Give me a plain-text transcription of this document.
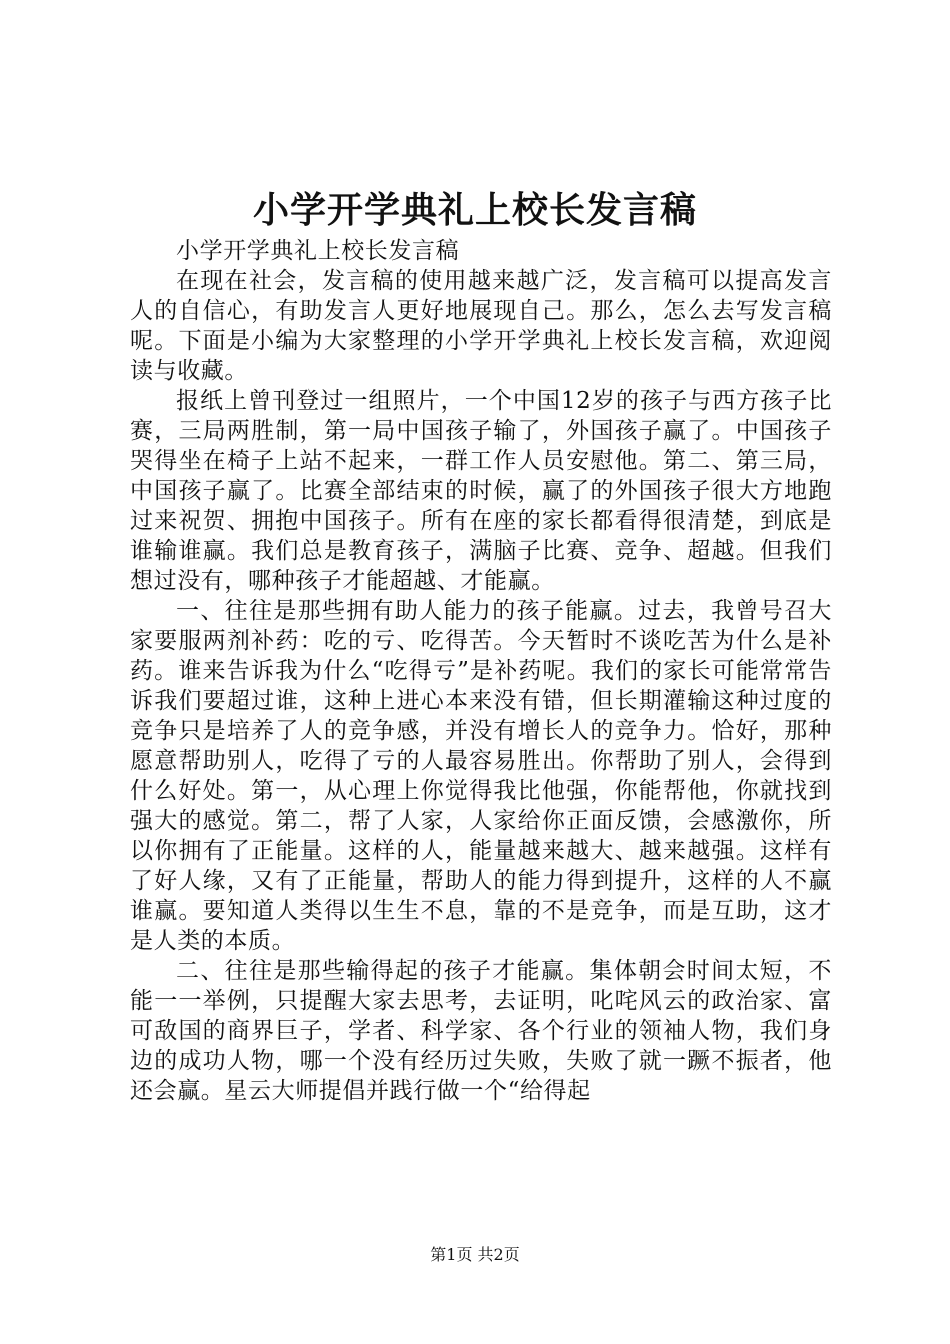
小学开学典礼上校长发言稿

小学开学典礼上校长发言稿

在现在社会，发言稿的使用越来越广泛，发言稿可以提高发言人的自信心，有助发言人更好地展现自己。那么，怎么去写发言稿呢。下面是小编为大家整理的小学开学典礼上校长发言稿，欢迎阅读与收藏。

报纸上曾刊登过一组照片，一个中国12岁的孩子与西方孩子比赛，三局两胜制，第一局中国孩子输了，外国孩子赢了。中国孩子哭得坐在椅子上站不起来，一群工作人员安慰他。第二、第三局，中国孩子赢了。比赛全部结束的时候，赢了的外国孩子很大方地跑过来祝贺、拥抱中国孩子。所有在座的家长都看得很清楚，到底是谁输谁赢。我们总是教育孩子，满脑子比赛、竞争、超越。但我们想过没有，哪种孩子才能超越、才能赢。

一、往往是那些拥有助人能力的孩子能赢。过去，我曾号召大家要服两剂补药：吃的亏、吃得苦。今天暂时不谈吃苦为什么是补药。谁来告诉我为什么“吃得亏”是补药呢。我们的家长可能常常告诉我们要超过谁，这种上进心本来没有错，但长期灌输这种过度的竞争只是培养了人的竞争感，并没有增长人的竞争力。恰好，那种愿意帮助别人，吃得了亏的人最容易胜出。你帮助了别人，会得到什么好处。第一，从心理上你觉得我比他强，你能帮他，你就找到强大的感觉。第二，帮了人家，人家给你正面反馈，会感激你，所以你拥有了正能量。这样的人，能量越来越大、越来越强。这样有了好人缘，又有了正能量，帮助人的能力得到提升，这样的人不赢谁赢。要知道人类得以生生不息，靠的不是竞争，而是互助，这才是人类的本质。

二、往往是那些输得起的孩子才能赢。集体朝会时间太短，不能一一举例，只提醒大家去思考，去证明，叱咤风云的政治家、富可敌国的商界巨子，学者、科学家、各个行业的领袖人物，我们身边的成功人物，哪一个没有经历过失败，失败了就一蹶不振者，他还会赢。星云大师提倡并践行做一个“给得起

第1页 共2页
